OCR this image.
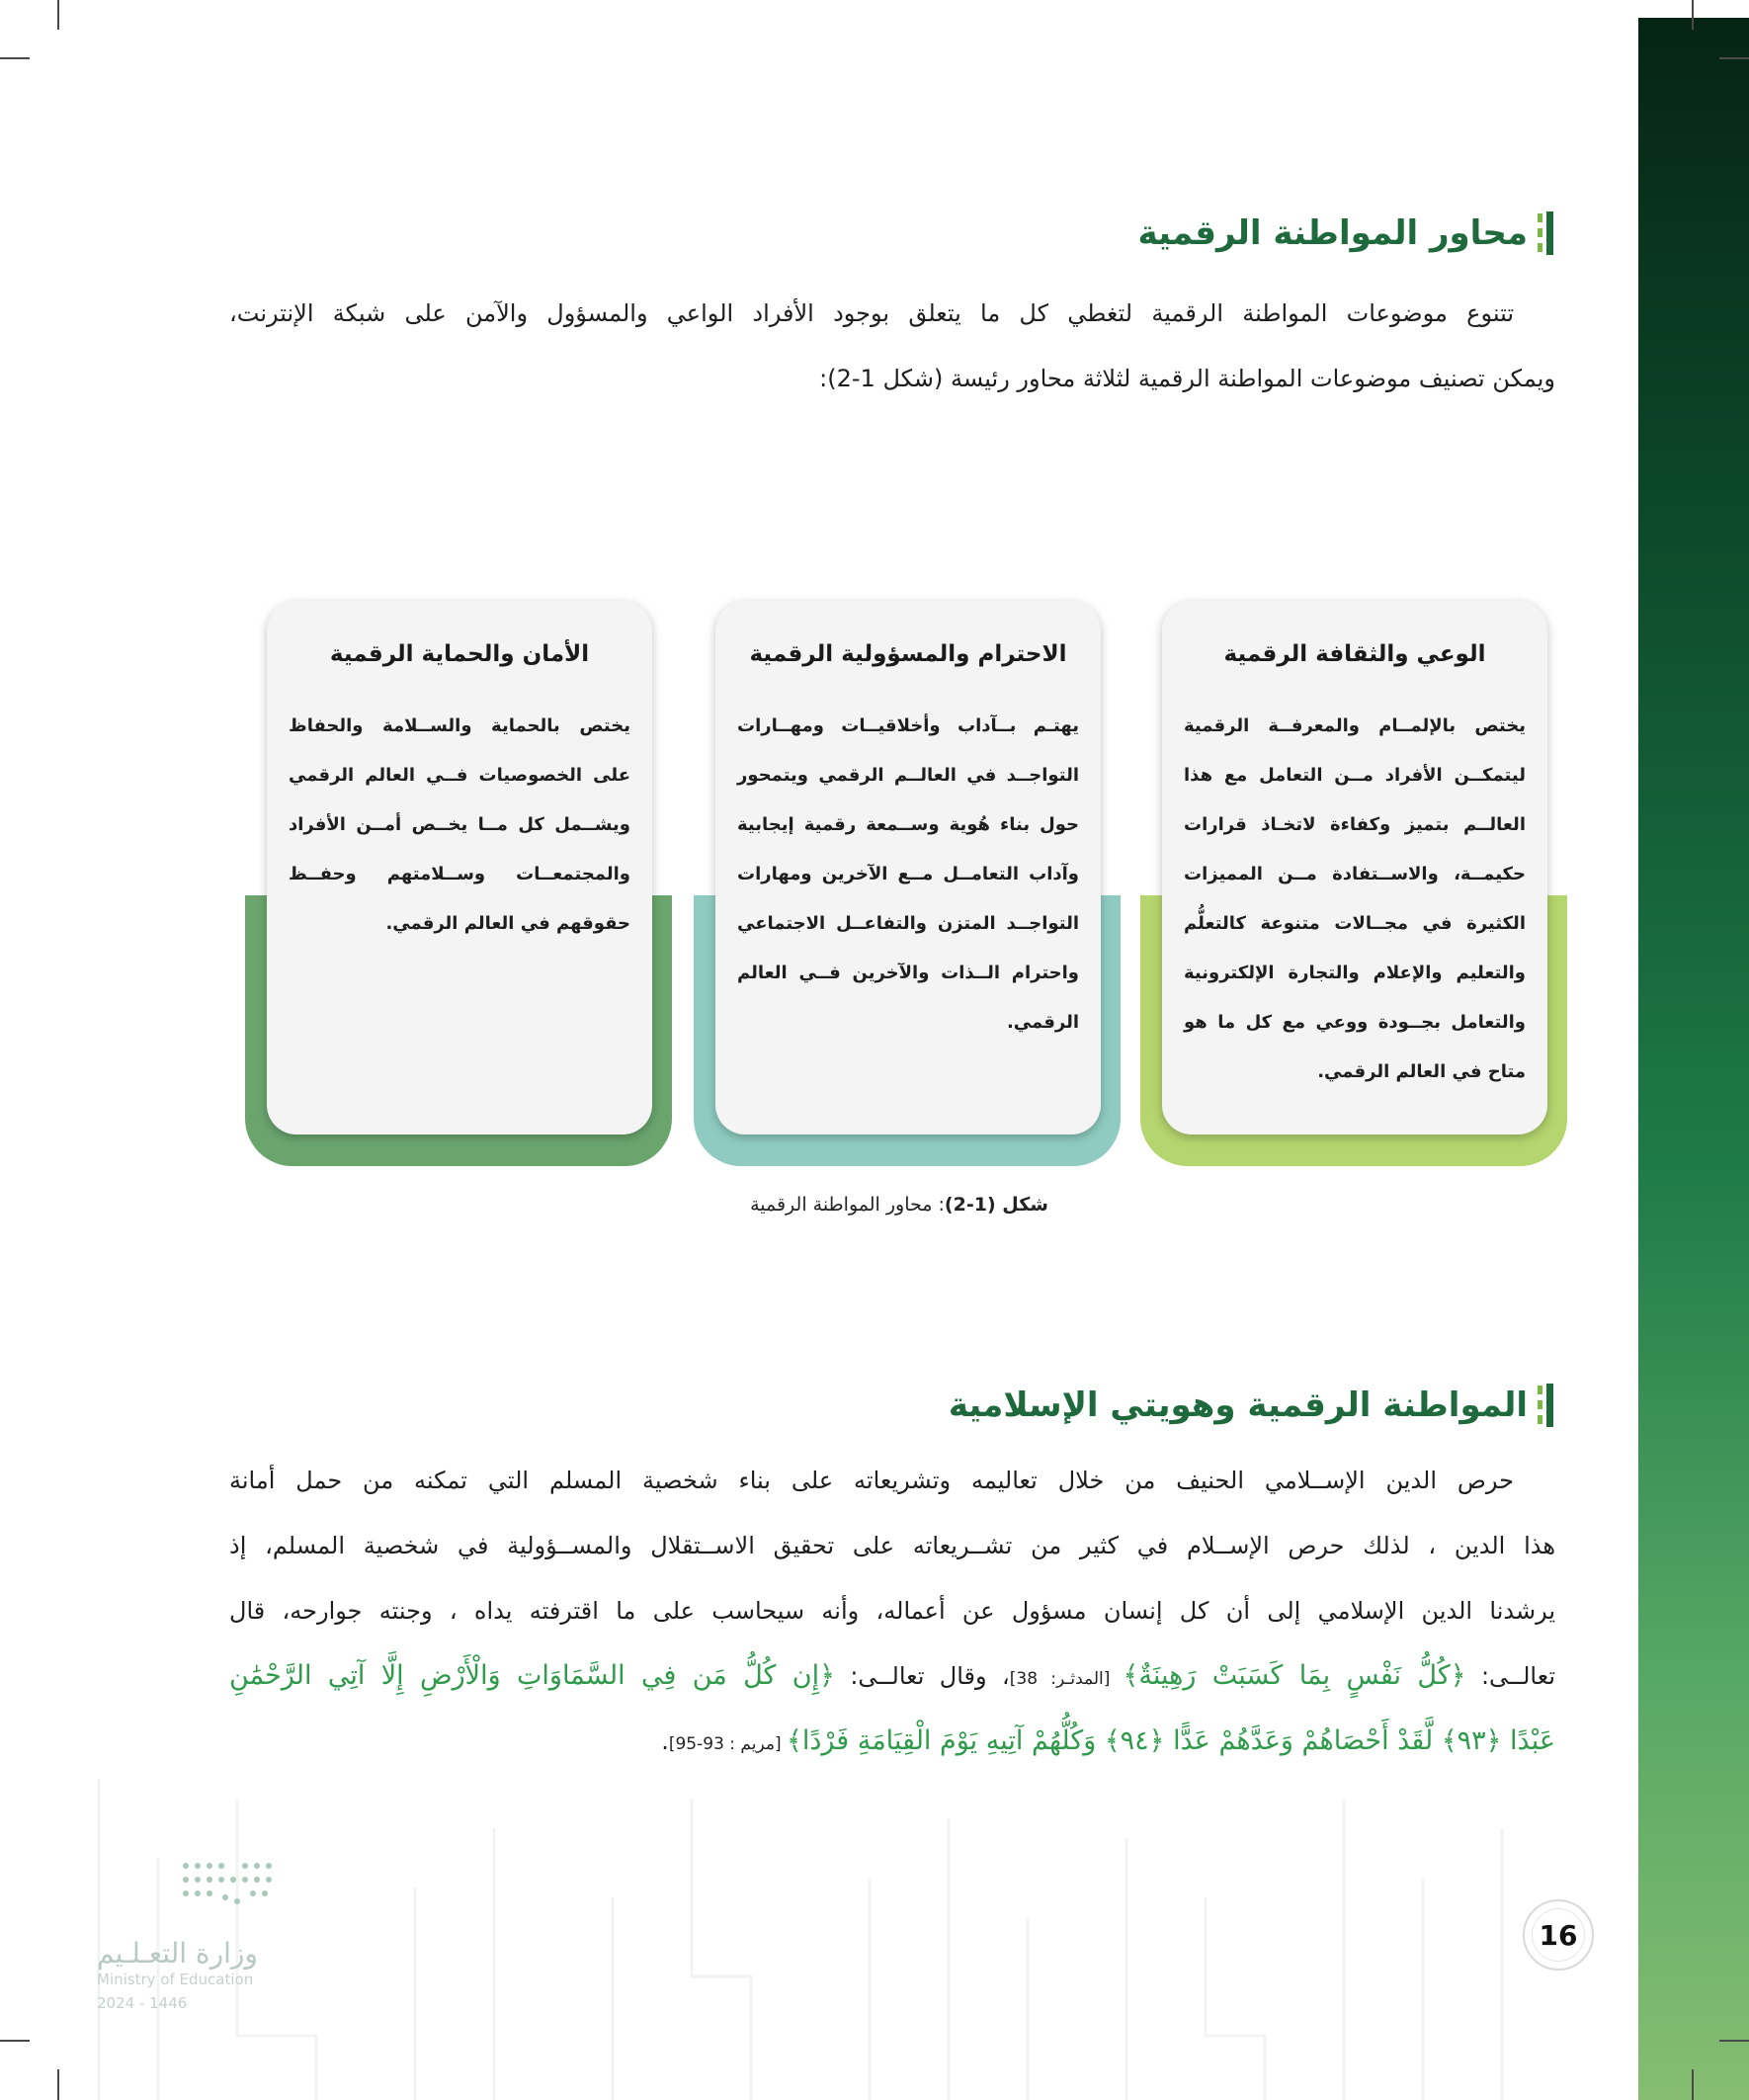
محاور المواطنة الرقمية
تتنوع موضوعات المواطنة الرقمية لتغطي كل ما يتعلق بوجود الأفراد الواعي والمسؤول والآمن على شبكة الإنترنت،
ويمكن تصنيف موضوعات المواطنة الرقمية لثلاثة محاور رئيسة (شكل 1-2):
الوعي والثقافة الرقمية
يختص بالإلمــام والمعرفــة الرقمية
ليتمكــن الأفراد مــن التعامل مع هذا
العالــم بتميز وكفاءة لاتخـاذ قرارات
حكيمــة، والاســتفادة مــن المميزات
الكثيرة في مجــالات متنوعة كالتعلُّم
والتعليم والإعلام والتجارة الإلكترونية
والتعامل بجــودة ووعي مع كل ما هو
متاح في العالم الرقمي.
الاحترام والمسؤولية الرقمية
يهتـم بــآداب وأخلاقيــات ومهــارات
التواجــد في العالــم الرقمي ويتمحور
حول بناء هُوية وســمعة رقمية إيجابية
وآداب التعامــل مــع الآخرين ومهارات
التواجــد المتزن والتفاعــل الاجتماعي
واحترام الــذات والآخرين فــي العالم
الرقمي.
الأمان والحماية الرقمية
يختص بالحماية والســلامة والحفاظ
على الخصوصيات فــي العالم الرقمي
ويشــمل كل مــا يخــص أمــن الأفراد
والمجتمعــات وســلامتهم وحفــظ
حقوقهم في العالم الرقمي.
شكل (1-2): محاور المواطنة الرقمية
المواطنة الرقمية وهويتي الإسلامية
حرص الدين الإســلامي الحنيف من خلال تعاليمه وتشريعاته على بناء شخصية المسلم التي تمكنه من حمل أمانة
هذا الدين ، لذلك حرص الإســلام في كثير من تشــريعاته على تحقيق الاســتقلال والمســؤولية في شخصية المسلم، إذ
يرشدنا الدين الإسلامي إلى أن كل إنسان مسؤول عن أعماله، وأنه سيحاسب على ما اقترفته يداه ، وجنته جوارحه، قال
تعالــى: ﴿كُلُّ نَفْسٍ بِمَا كَسَبَتْ رَهِينَةٌ﴾ [المدثـر: 38]، وقال تعالــى: ﴿إِن كُلُّ مَن فِي السَّمَاوَاتِ وَالْأَرْضِ إِلَّا آتِي الرَّحْمَٰنِ
عَبْدًا ﴿٩٣﴾ لَّقَدْ أَحْصَاهُمْ وَعَدَّهُمْ عَدًّا ﴿٩٤﴾ وَكُلُّهُمْ آتِيهِ يَوْمَ الْقِيَامَةِ فَرْدًا﴾ [مريم : 93-95].
16
وزارة التعـلـيم
Ministry of Education
2024 - 1446
